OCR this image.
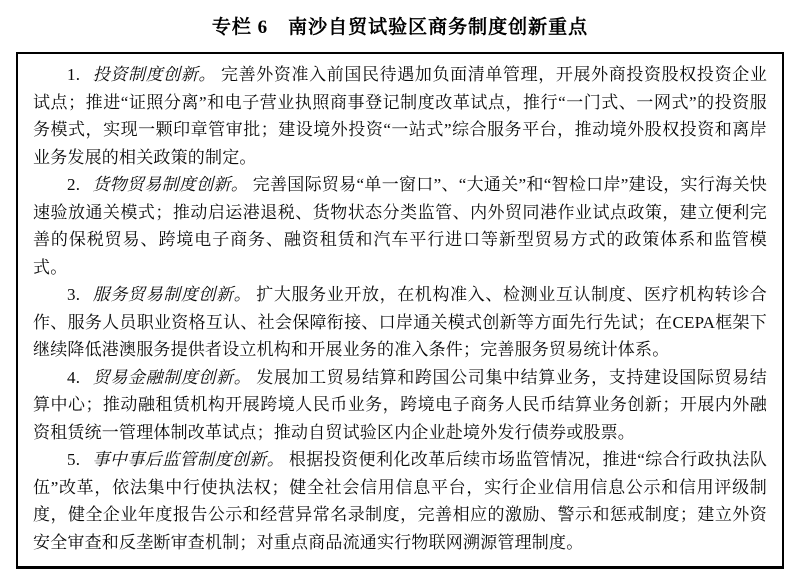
专栏 6　南沙自贸试验区商务制度创新重点

1. 投资制度创新。 完善外资准入前国民待遇加负面清单管理，开展外商投资股权投资企业试点；推进“证照分离”和电子营业执照商事登记制度改革试点，推行“一门式、一网式”的投资服务模式，实现一颗印章管审批；建设境外投资“一站式”综合服务平台，推动境外股权投资和离岸业务发展的相关政策的制定。

2. 货物贸易制度创新。 完善国际贸易“单一窗口”、“大通关”和“智检口岸”建设，实行海关快速验放通关模式；推动启运港退税、货物状态分类监管、内外贸同港作业试点政策，建立便利完善的保税贸易、跨境电子商务、融资租赁和汽车平行进口等新型贸易方式的政策体系和监管模式。

3. 服务贸易制度创新。 扩大服务业开放，在机构准入、检测业互认制度、医疗机构转诊合作、服务人员职业资格互认、社会保障衔接、口岸通关模式创新等方面先行先试；在CEPA框架下继续降低港澳服务提供者设立机构和开展业务的准入条件；完善服务贸易统计体系。

4. 贸易金融制度创新。 发展加工贸易结算和跨国公司集中结算业务，支持建设国际贸易结算中心；推动融租赁机构开展跨境人民币业务，跨境电子商务人民币结算业务创新；开展内外融资租赁统一管理体制改革试点；推动自贸试验区内企业赴境外发行债券或股票。

5. 事中事后监管制度创新。 根据投资便利化改革后续市场监管情况，推进“综合行政执法队伍”改革，依法集中行使执法权；健全社会信用信息平台，实行企业信用信息公示和信用评级制度，健全企业年度报告公示和经营异常名录制度，完善相应的激励、警示和惩戒制度；建立外资安全审查和反垄断审查机制；对重点商品流通实行物联网溯源管理制度。
